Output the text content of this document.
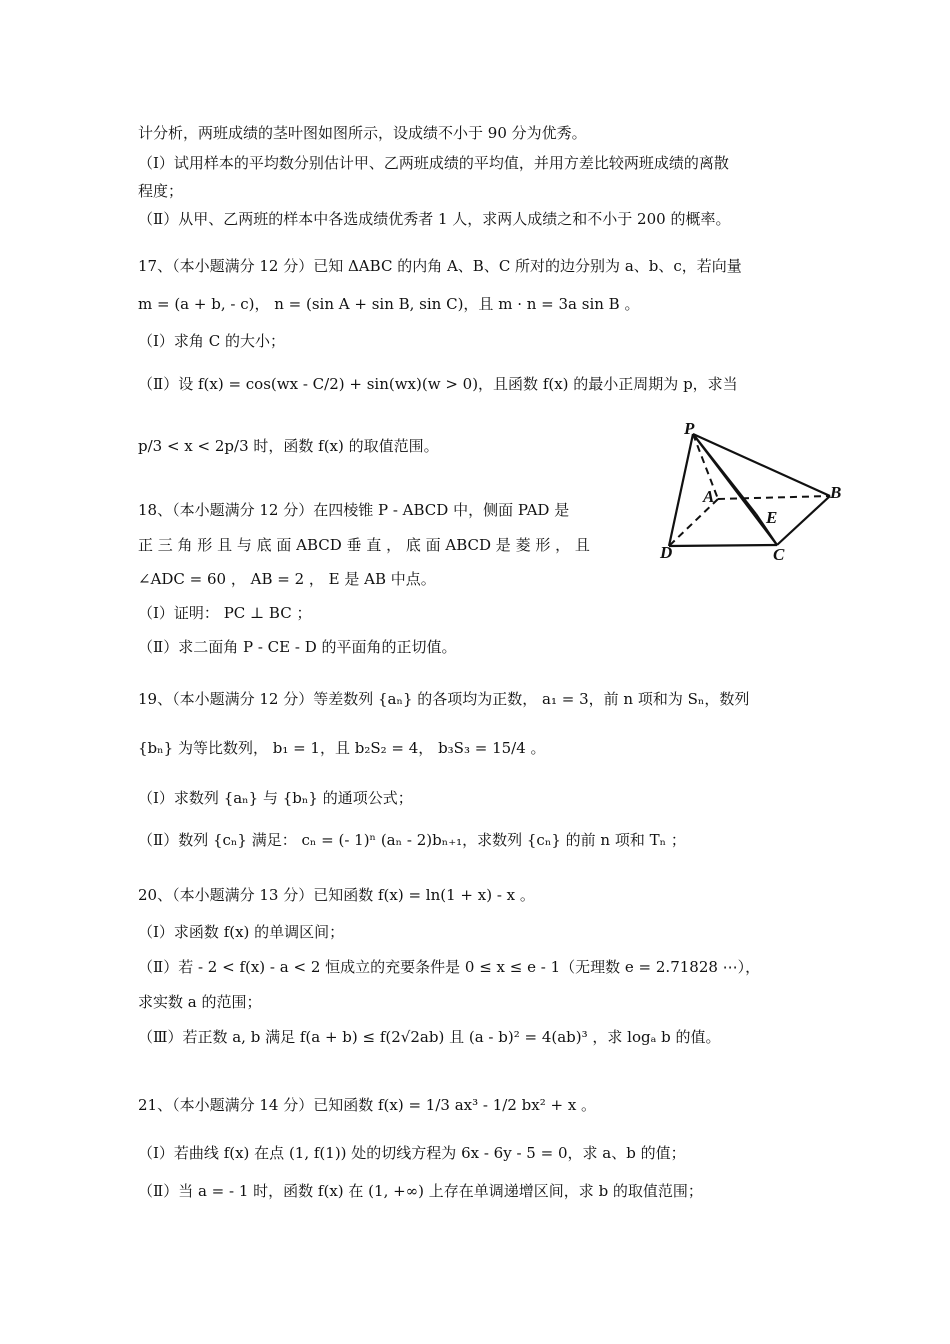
计分析，两班成绩的茎叶图如图所示，设成绩不小于 90 分为优秀。
（Ⅰ）试用样本的平均数分别估计甲、乙两班成绩的平均值，并用方差比较两班成绩的离散
程度；
（Ⅱ）从甲、乙两班的样本中各选成绩优秀者 1 人，求两人成绩之和不小于 200 的概率。
17、（本小题满分 12 分）已知 ΔABC 的内角 A、B、C 所对的边分别为 a、b、c，若向量
m = (a + b, - c)， n = (sin A + sin B, sin C)，且 m · n = 3a sin B 。
（Ⅰ）求角 C 的大小；
（Ⅱ）设 f(x) = cos(wx - C/2) + sin(wx)(w > 0)，且函数 f(x) 的最小正周期为 p，求当
p/3 < x < 2p/3 时，函数 f(x) 的取值范围。
18、（本小题满分 12 分）在四棱锥 P - ABCD 中，侧面 PAD 是
正 三 角 形 且 与 底 面 ABCD 垂 直 ， 底 面 ABCD 是 菱 形 ， 且
∠ADC = 60 ， AB = 2 ， E 是 AB 中点。
（Ⅰ）证明： PC ⊥ BC ；
（Ⅱ）求二面角 P - CE - D 的平面角的正切值。
19、（本小题满分 12 分）等差数列 {aₙ} 的各项均为正数， a₁ = 3，前 n 项和为 Sₙ，数列
{bₙ} 为等比数列， b₁ = 1，且 b₂S₂ = 4， b₃S₃ = 15/4 。
（Ⅰ）求数列 {aₙ} 与 {bₙ} 的通项公式；
（Ⅱ）数列 {cₙ} 满足： cₙ = (- 1)ⁿ (aₙ - 2)bₙ₊₁，求数列 {cₙ} 的前 n 项和 Tₙ ；
20、（本小题满分 13 分）已知函数 f(x) = ln(1 + x) - x 。
（Ⅰ）求函数 f(x) 的单调区间；
（Ⅱ）若 - 2 < f(x) - a < 2 恒成立的充要条件是 0 ≤ x ≤ e - 1（无理数 e = 2.71828 ⋯），
求实数 a 的范围；
（Ⅲ）若正数 a, b 满足 f(a + b) ≤ f(2√2ab) 且 (a - b)² = 4(ab)³ ，求 logₐ b 的值。
21、（本小题满分 14 分）已知函数 f(x) = 1/3 ax³ - 1/2 bx² + x 。
（Ⅰ）若曲线 f(x) 在点 (1, f(1)) 处的切线方程为 6x - 6y - 5 = 0，求 a、b 的值；
（Ⅱ）当 a = - 1 时，函数 f(x) 在 (1, +∞) 上存在单调递增区间，求 b 的取值范围；
P
A	B
D	C
E
